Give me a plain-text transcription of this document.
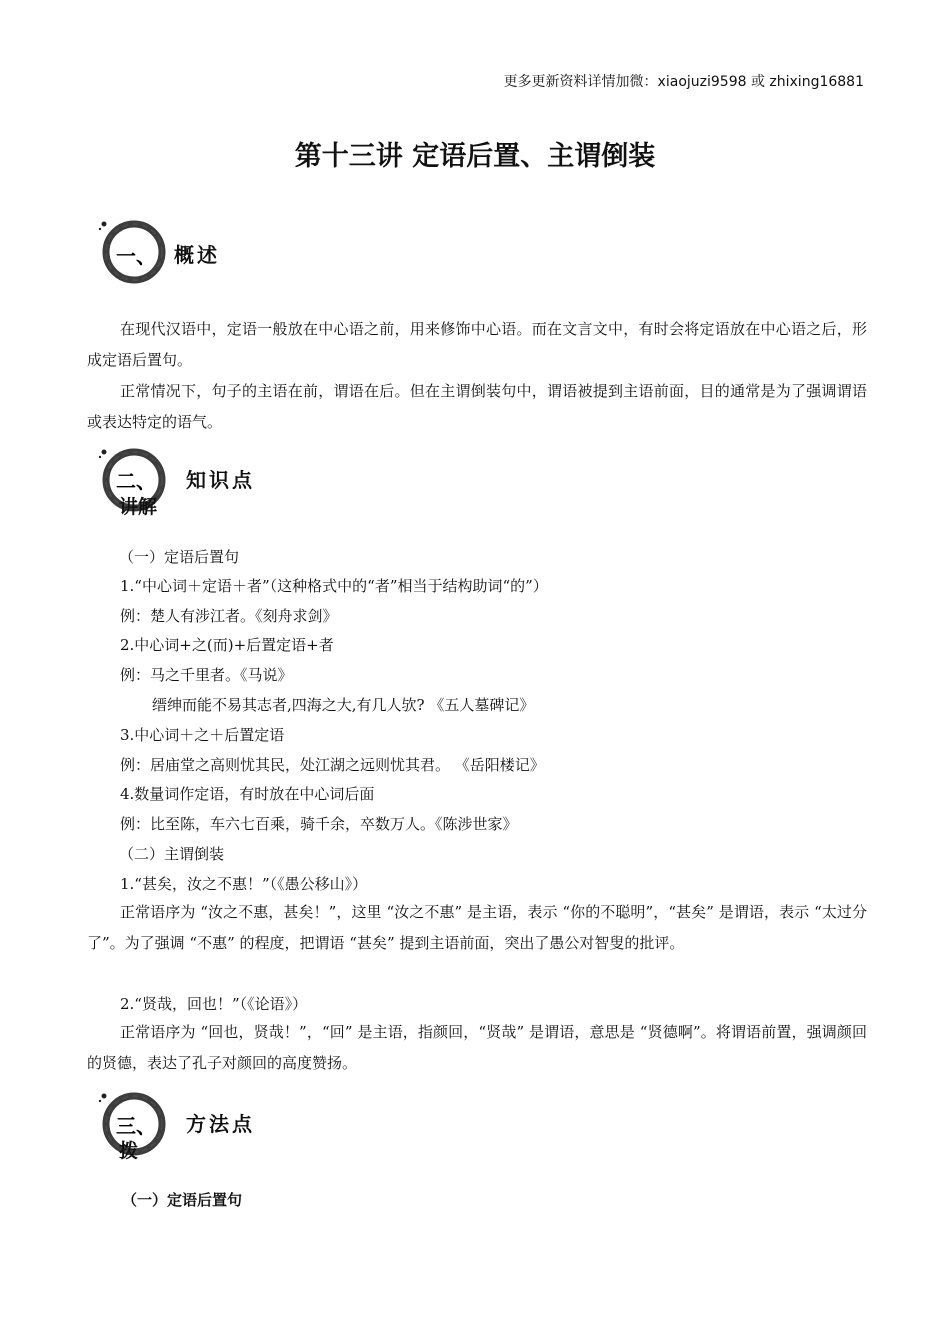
更多更新资料详情加微：xiaojuzi9598 或 zhixing16881
第十三讲 定语后置、主谓倒装
一、 概述
在现代汉语中，定语一般放在中心语之前，用来修饰中心语。而在文言文中，有时会将定语放在中心语之后，形成定语后置句。
正常情况下，句子的主语在前，谓语在后。但在主谓倒装句中，谓语被提到主语前面，目的通常是为了强调谓语或表达特定的语气。
二、 知识点
讲解
（一）定语后置句
1.“中心词＋定语＋者”（这种格式中的“者”相当于结构助词“的”）
例：楚人有涉江者。《刻舟求剑》
2.中心词+之(而)+后置定语+者
例：马之千里者。《马说》
缙绅而能不易其志者,四海之大,有几人欤? 《五人墓碑记》
3.中心词＋之＋后置定语
例：居庙堂之高则忧其民，处江湖之远则忧其君。 《岳阳楼记》
4.数量词作定语，有时放在中心词后面
例：比至陈，车六七百乘，骑千余，卒数万人。《陈涉世家》
（二）主谓倒装
1.“甚矣，汝之不惠！”（《愚公移山》）
正常语序为 “汝之不惠，甚矣！”，这里 “汝之不惠” 是主语，表示 “你的不聪明”，“甚矣” 是谓语，表示 “太过分了”。为了强调 “不惠” 的程度，把谓语 “甚矣” 提到主语前面，突出了愚公对智叟的批评。
2.“贤哉，回也！”（《论语》）
正常语序为 “回也，贤哉！”，“回” 是主语，指颜回，“贤哉” 是谓语，意思是 “贤德啊”。将谓语前置，强调颜回的贤德，表达了孔子对颜回的高度赞扬。
三、 方法点
拨
（一）定语后置句
